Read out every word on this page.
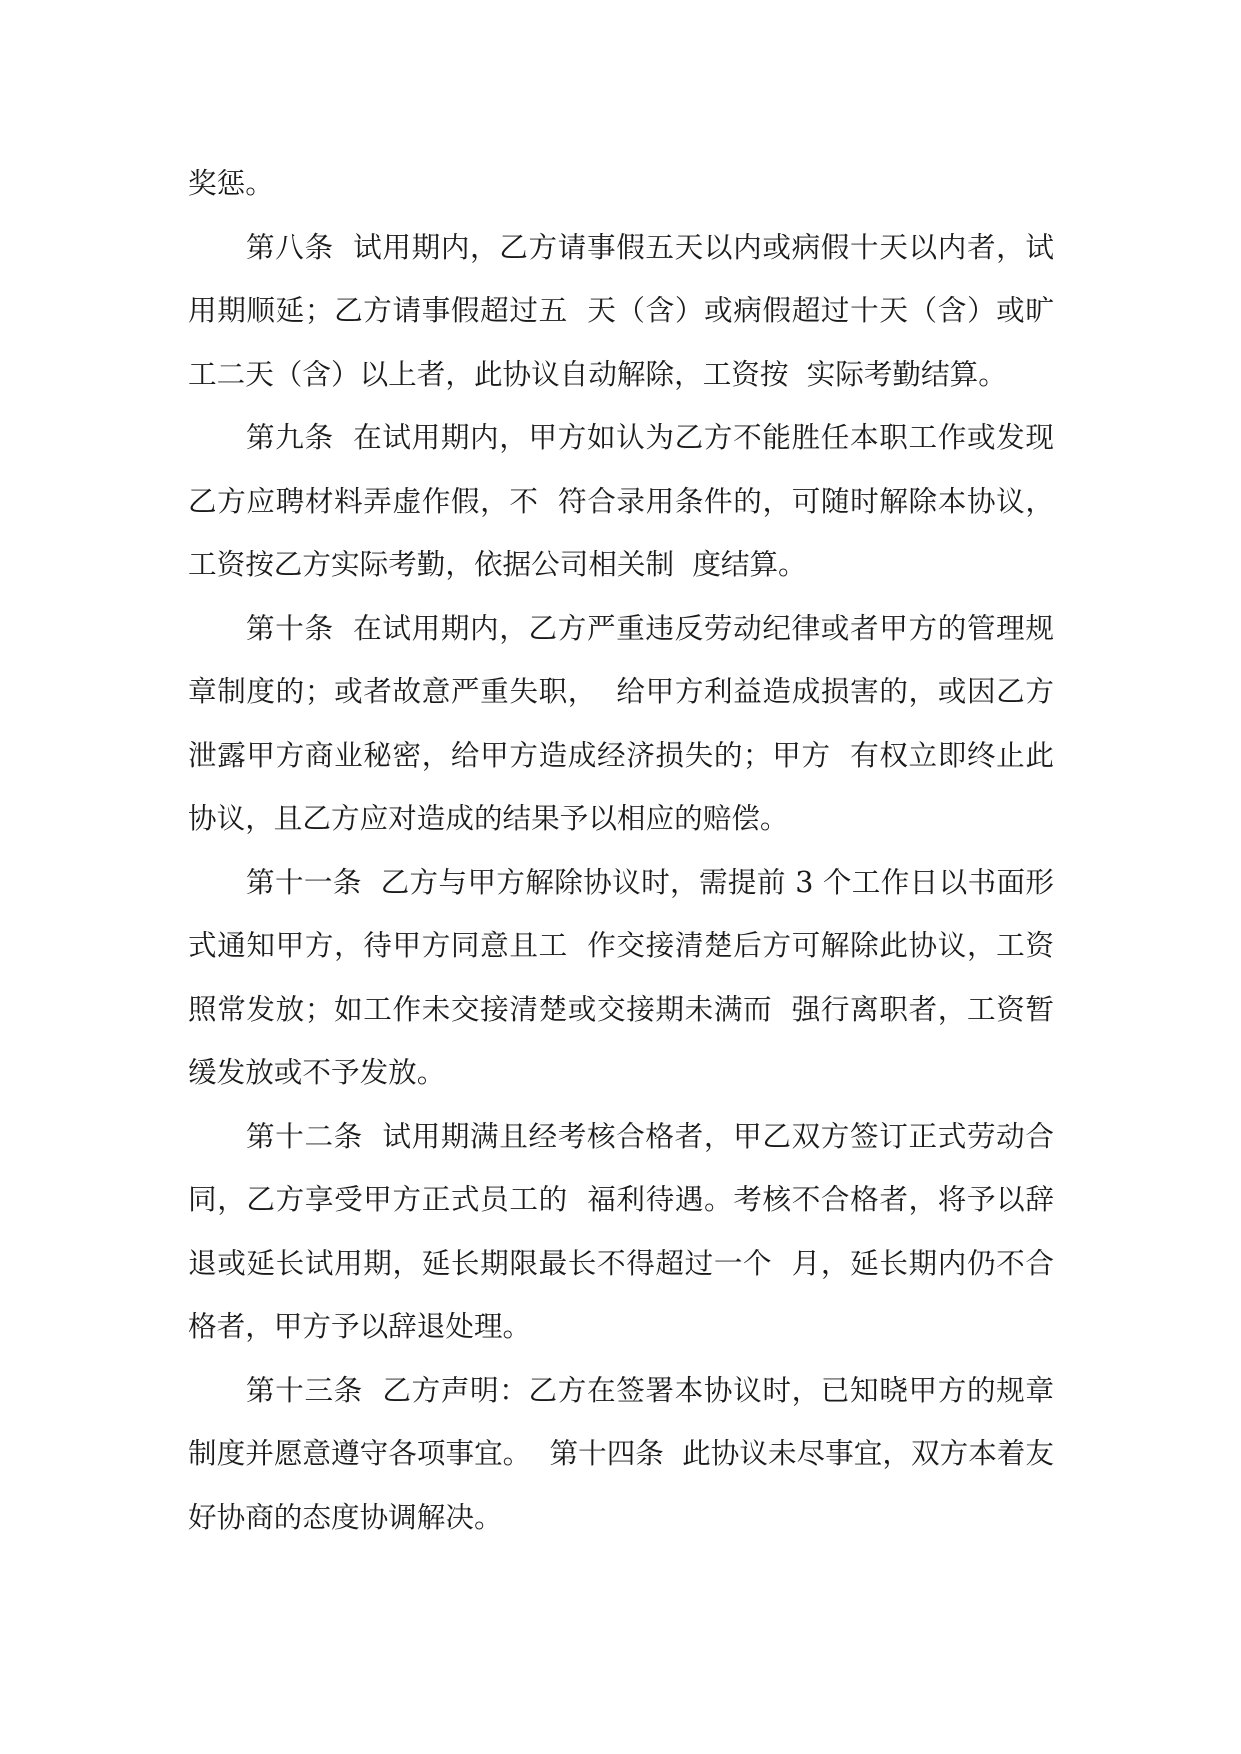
奖惩。

第八条  试用期内，乙方请事假五天以内或病假十天以内者，试用期顺延；乙方请事假超过五  天（含）或病假超过十天（含）或旷工二天（含）以上者，此协议自动解除，工资按  实际考勤结算。

第九条  在试用期内，甲方如认为乙方不能胜任本职工作或发现乙方应聘材料弄虚作假，不  符合录用条件的，可随时解除本协议，工资按乙方实际考勤，依据公司相关制  度结算。

第十条  在试用期内，乙方严重违反劳动纪律或者甲方的管理规章制度的；或者故意严重失职，  给甲方利益造成损害的，或因乙方泄露甲方商业秘密，给甲方造成经济损失的；甲方  有权立即终止此协议，且乙方应对造成的结果予以相应的赔偿。

第十一条  乙方与甲方解除协议时，需提前 3 个工作日以书面形式通知甲方，待甲方同意且工  作交接清楚后方可解除此协议，工资照常发放；如工作未交接清楚或交接期未满而  强行离职者，工资暂缓发放或不予发放。

第十二条  试用期满且经考核合格者，甲乙双方签订正式劳动合同，乙方享受甲方正式员工的  福利待遇。考核不合格者，将予以辞退或延长试用期，延长期限最长不得超过一个  月，延长期内仍不合格者，甲方予以辞退处理。

第十三条  乙方声明：乙方在签署本协议时，已知晓甲方的规章制度并愿意遵守各项事宜。  第十四条  此协议未尽事宜，双方本着友好协商的态度协调解决。
